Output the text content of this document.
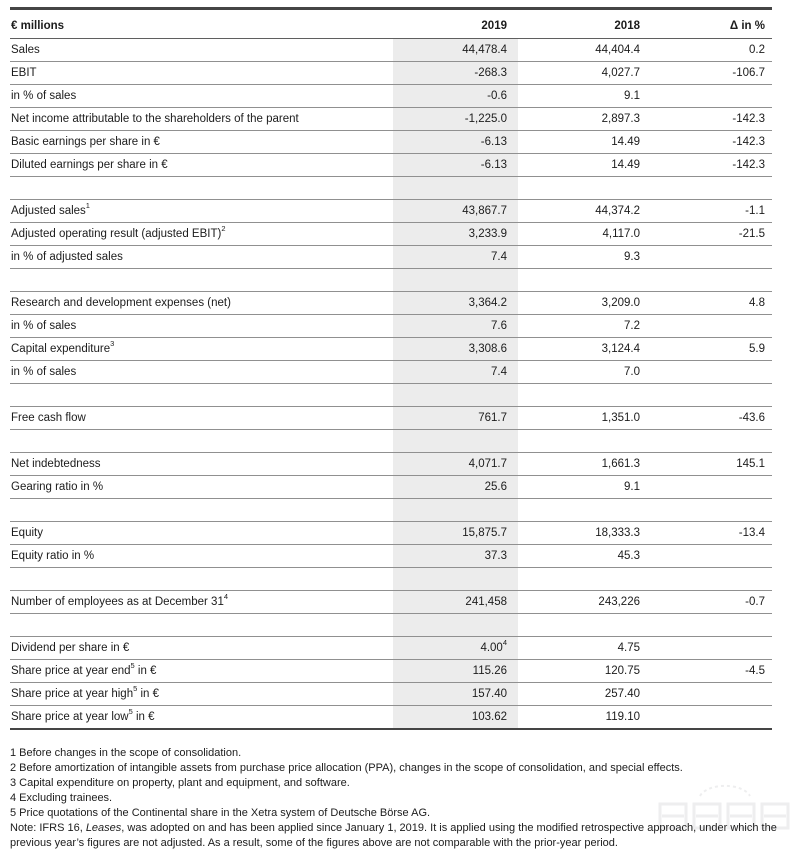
€ millions	2019	2018	Δ in %
Sales	44,478.4	44,404.4	0.2
EBIT	-268.3	4,027.7	-106.7
in % of sales	-0.6	9.1	
Net income attributable to the shareholders of the parent	-1,225.0	2,897.3	-142.3
Basic earnings per share in €	-6.13	14.49	-142.3
Diluted earnings per share in €	-6.13	14.49	-142.3

Adjusted sales$^1$	43,867.7	44,374.2	-1.1
Adjusted operating result (adjusted EBIT)$^2$	3,233.9	4,117.0	-21.5
in % of adjusted sales	7.4	9.3	

Research and development expenses (net)	3,364.2	3,209.0	4.8
in % of sales	7.6	7.2	
Capital expenditure$^3$	3,308.6	3,124.4	5.9
in % of sales	7.4	7.0	

Free cash flow	761.7	1,351.0	-43.6

Net indebtedness	4,071.7	1,661.3	145.1
Gearing ratio in %	25.6	9.1	

Equity	15,875.7	18,333.3	-13.4
Equity ratio in %	37.3	45.3	

Number of employees as at December $31^4$	241,458	243,226	-0.7

Dividend per share in €	4.00$^4$	4.75	
Share price at year end$^5$ in €	115.26	120.75	-4.5
Share price at year high$^5$ in €	157.40	257.40	
Share price at year low$^5$ in €	103.62	119.10	
1 Before changes in the scope of consolidation.
2 Before amortization of intangible assets from purchase price allocation (PPA), changes in the scope of consolidation, and special effects.
3 Capital expenditure on property, plant and equipment, and software.
4 Excluding trainees.
5 Price quotations of the Continental share in the Xetra system of Deutsche Börse AG.
Note: IFRS 16, Leases, was adopted on and has been applied since January 1, 2019. It is applied using the modified retrospective approach, under which the previous year’s figures are not adjusted. As a result, some of the figures above are not comparable with the prior-year period.
